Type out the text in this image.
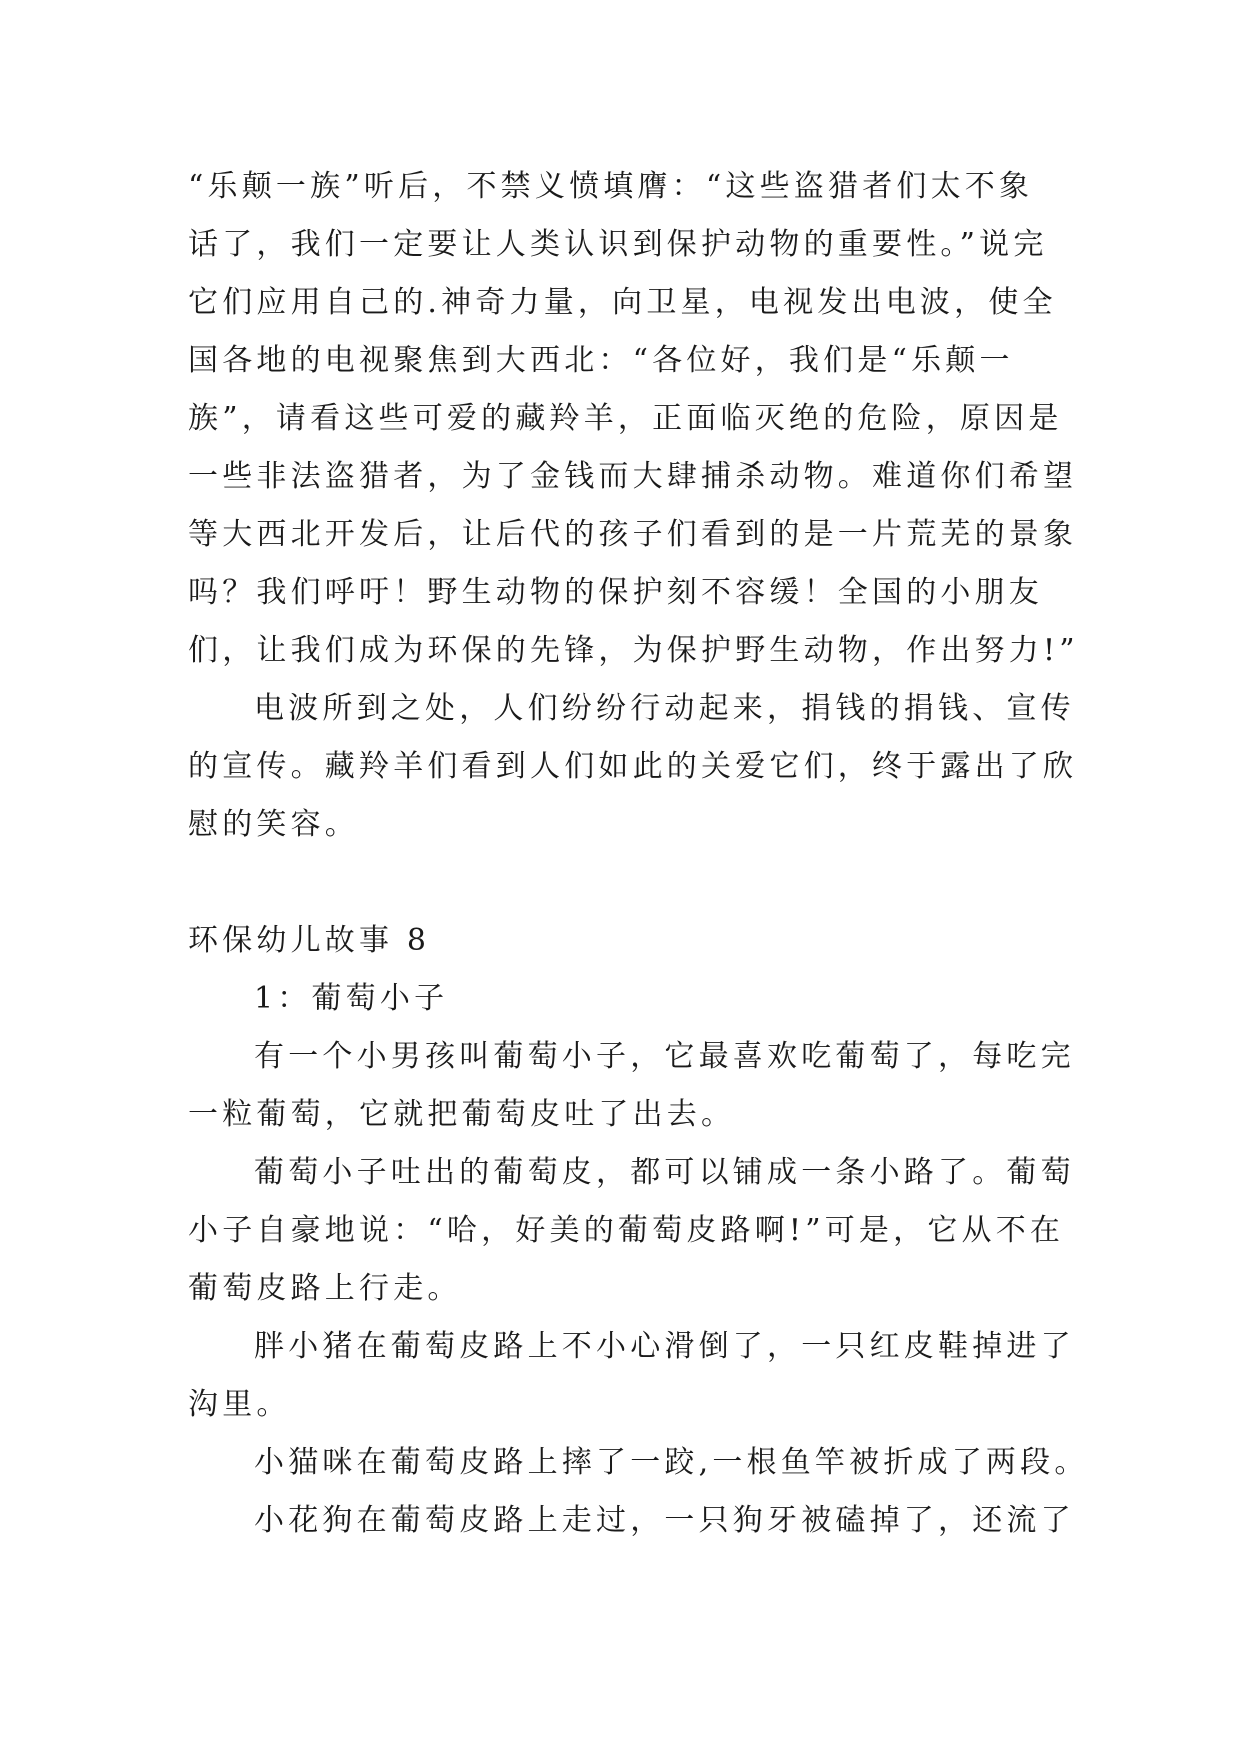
“乐颠一族”听后，不禁义愤填膺：“这些盗猎者们太不象
话了，我们一定要让人类认识到保护动物的重要性。”说完
它们应用自己的.神奇力量，向卫星，电视发出电波，使全
国各地的电视聚焦到大西北：“各位好，我们是“乐颠一
族”，请看这些可爱的藏羚羊，正面临灭绝的危险，原因是
一些非法盗猎者，为了金钱而大肆捕杀动物。难道你们希望
等大西北开发后，让后代的孩子们看到的是一片荒芜的景象
吗？我们呼吁！野生动物的保护刻不容缓！全国的小朋友
们，让我们成为环保的先锋，为保护野生动物，作出努力!”
电波所到之处，人们纷纷行动起来，捐钱的捐钱、宣传
的宣传。藏羚羊们看到人们如此的关爱它们，终于露出了欣
慰的笑容。
环保幼儿故事 8
1：葡萄小子
有一个小男孩叫葡萄小子，它最喜欢吃葡萄了，每吃完
一粒葡萄，它就把葡萄皮吐了出去。
葡萄小子吐出的葡萄皮，都可以铺成一条小路了。葡萄
小子自豪地说：“哈，好美的葡萄皮路啊!”可是，它从不在
葡萄皮路上行走。
胖小猪在葡萄皮路上不小心滑倒了，一只红皮鞋掉进了
沟里。
小猫咪在葡萄皮路上摔了一跤,一根鱼竿被折成了两段。
小花狗在葡萄皮路上走过，一只狗牙被磕掉了，还流了
